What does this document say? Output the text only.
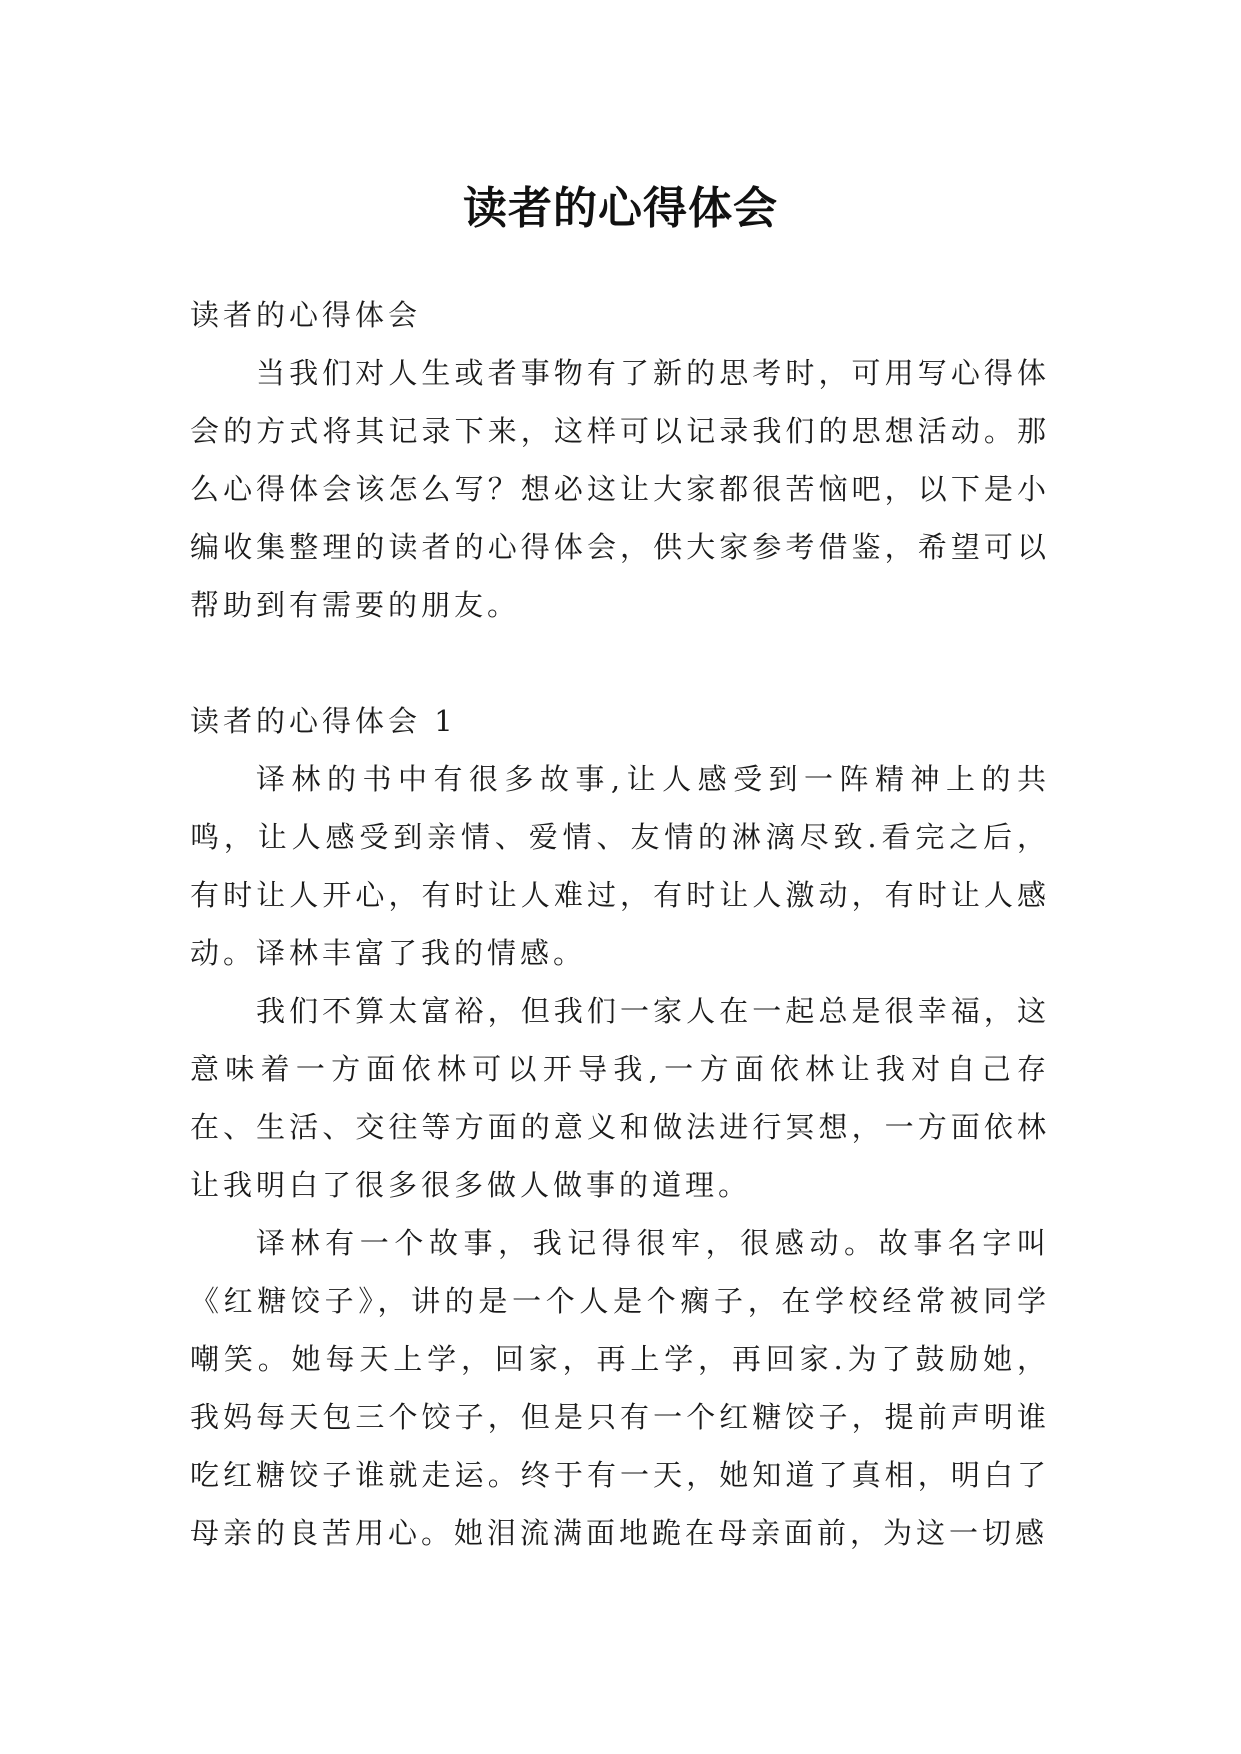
读者的心得体会

读者的心得体会

当我们对人生或者事物有了新的思考时，可用写心得体会的方式将其记录下来，这样可以记录我们的思想活动。那么心得体会该怎么写？想必这让大家都很苦恼吧，以下是小编收集整理的读者的心得体会，供大家参考借鉴，希望可以帮助到有需要的朋友。

读者的心得体会 1

译林的书中有很多故事,让人感受到一阵精神上的共鸣，让人感受到亲情、爱情、友情的淋漓尽致.看完之后，有时让人开心，有时让人难过，有时让人激动，有时让人感动。译林丰富了我的情感。

我们不算太富裕，但我们一家人在一起总是很幸福，这意味着一方面依林可以开导我,一方面依林让我对自己存在、生活、交往等方面的意义和做法进行冥想，一方面依林让我明白了很多很多做人做事的道理。

译林有一个故事，我记得很牢，很感动。故事名字叫《红糖饺子》，讲的是一个人是个瘸子，在学校经常被同学嘲笑。她每天上学，回家，再上学，再回家.为了鼓励她，我妈每天包三个饺子，但是只有一个红糖饺子，提前声明谁吃红糖饺子谁就走运。终于有一天，她知道了真相，明白了母亲的良苦用心。她泪流满面地跪在母亲面前，为这一切感
